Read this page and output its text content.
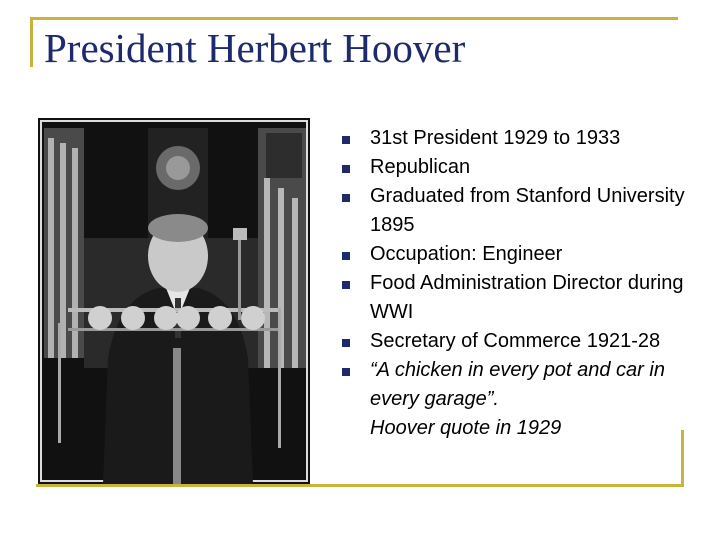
President Herbert Hoover
31st President 1929 to 1933
Republican
Graduated from Stanford University 1895
Occupation: Engineer
Food Administration Director during WWI
Secretary of Commerce 1921-28
“A chicken in every pot and car in every garage”.
Hoover quote in 1929
